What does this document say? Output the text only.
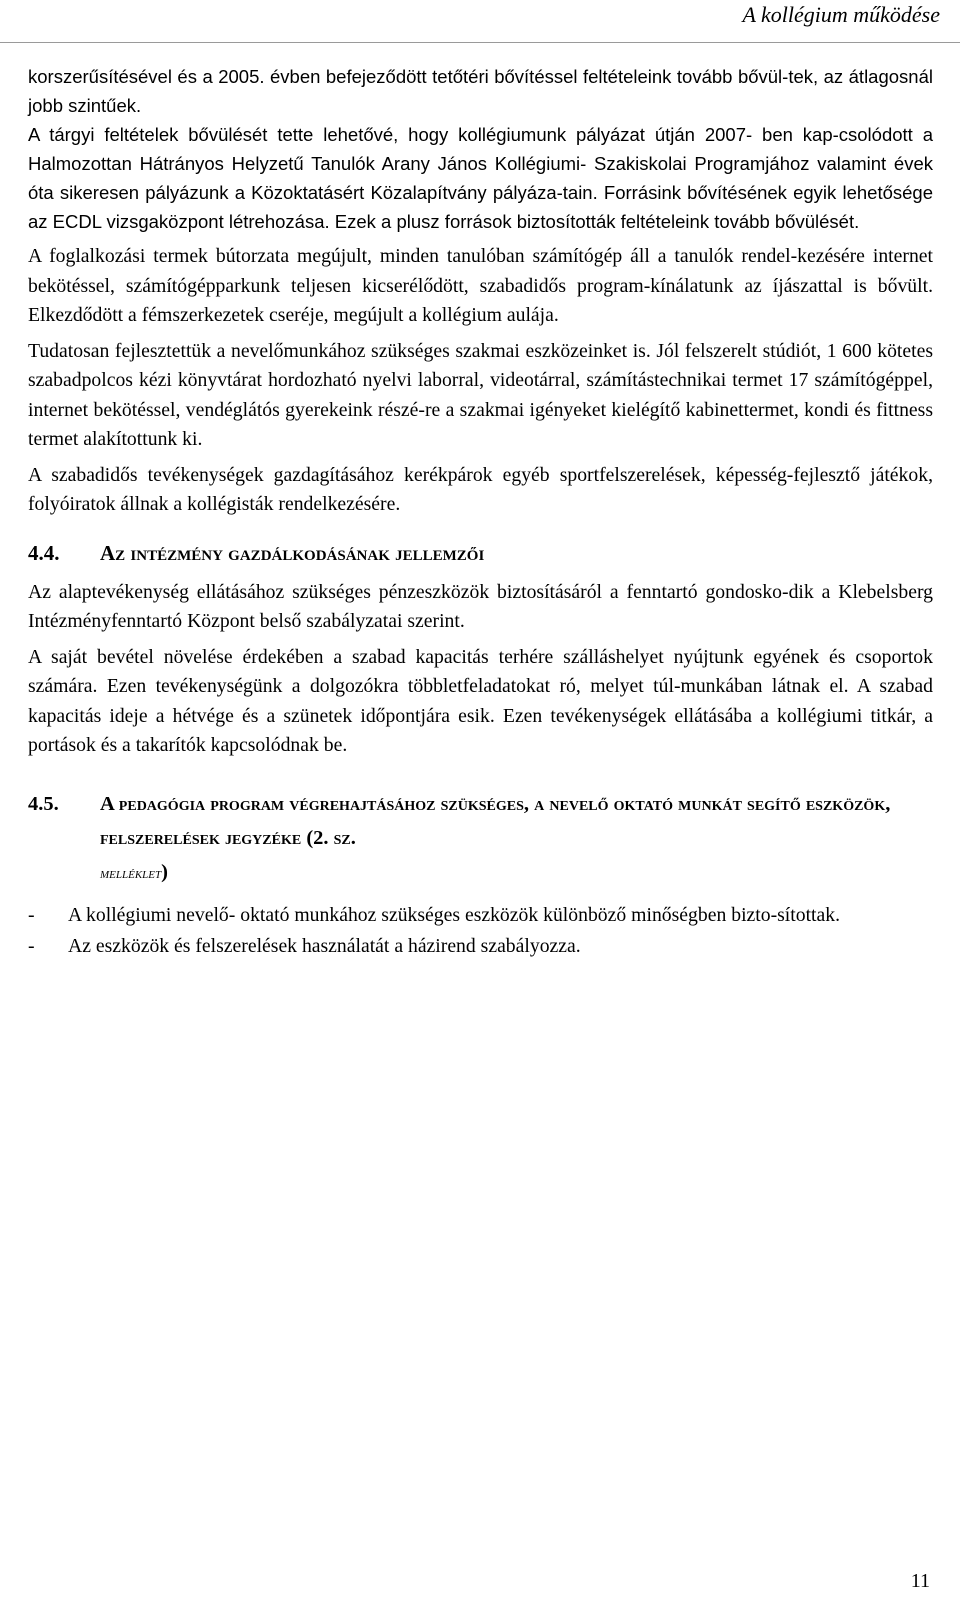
A kollégium működése

korszerűsítésével és a 2005. évben befejeződött tetőtéri bővítéssel feltételeink tovább bővül-tek, az átlagosnál jobb szintűek.

A tárgyi feltételek bővülését tette lehetővé, hogy kollégiumunk pályázat útján 2007- ben kap-csolódott a Halmozottan Hátrányos Helyzetű Tanulók Arany János Kollégiumi- Szakiskolai Programjához valamint évek óta sikeresen pályázunk a Közoktatásért Közalapítvány pályáza-tain. Forrásink bővítésének egyik lehetősége az ECDL vizsgaközpont létrehozása. Ezek a plusz források biztosították feltételeink tovább bővülését.

A foglalkozási termek bútorzata megújult, minden tanulóban számítógép áll a tanulók rendel-kezésére internet bekötéssel, számítógépparkunk teljesen kicserélődött, szabadidős program-kínálatunk az íjászattal is bővült. Elkezdődött a fémszerkezetek cseréje, megújult a kollégium aulája.

Tudatosan fejlesztettük a nevelőmunkához szükséges szakmai eszközeinket is. Jól felszerelt stúdiót, 1 600 kötetes szabadpolcos kézi könyvtárat hordozható nyelvi laborral, videotárral, számítástechnikai termet 17 számítógéppel, internet bekötéssel, vendéglátós gyerekeink részé-re a szakmai igényeket kielégítő kabinettermet, kondi és fittness termet alakítottunk ki.

A szabadidős tevékenységek gazdagításához kerékpárok egyéb sportfelszerelések, képesség-fejlesztő játékok, folyóiratok állnak a kollégisták rendelkezésére.

4.4.	Az intézmény gazdálkodásának jellemzői

Az alaptevékenység ellátásához szükséges pénzeszközök biztosításáról a fenntartó gondosko-dik a Klebelsberg Intézményfenntartó Központ belső szabályzatai szerint.

A saját bevétel növelése érdekében a szabad kapacitás terhére szálláshelyet nyújtunk egyének és csoportok számára. Ezen tevékenységünk a dolgozókra többletfeladatokat ró, melyet túl-munkában látnak el. A szabad kapacitás ideje a hétvége és a szünetek időpontjára esik. Ezen tevékenységek ellátásába a kollégiumi titkár, a portások és a takarítók kapcsolódnak be.

4.5.	A pedagógia program végrehajtásához szükséges, a nevelő oktató munkát segítő eszközök, felszerelések jegyzéke (2. sz.
melléklet)
- A kollégiumi nevelő- oktató munkához szükséges eszközök különböző minőségben bizto-sítottak.
- Az eszközök és felszerelések használatát a házirend szabályozza.
11
